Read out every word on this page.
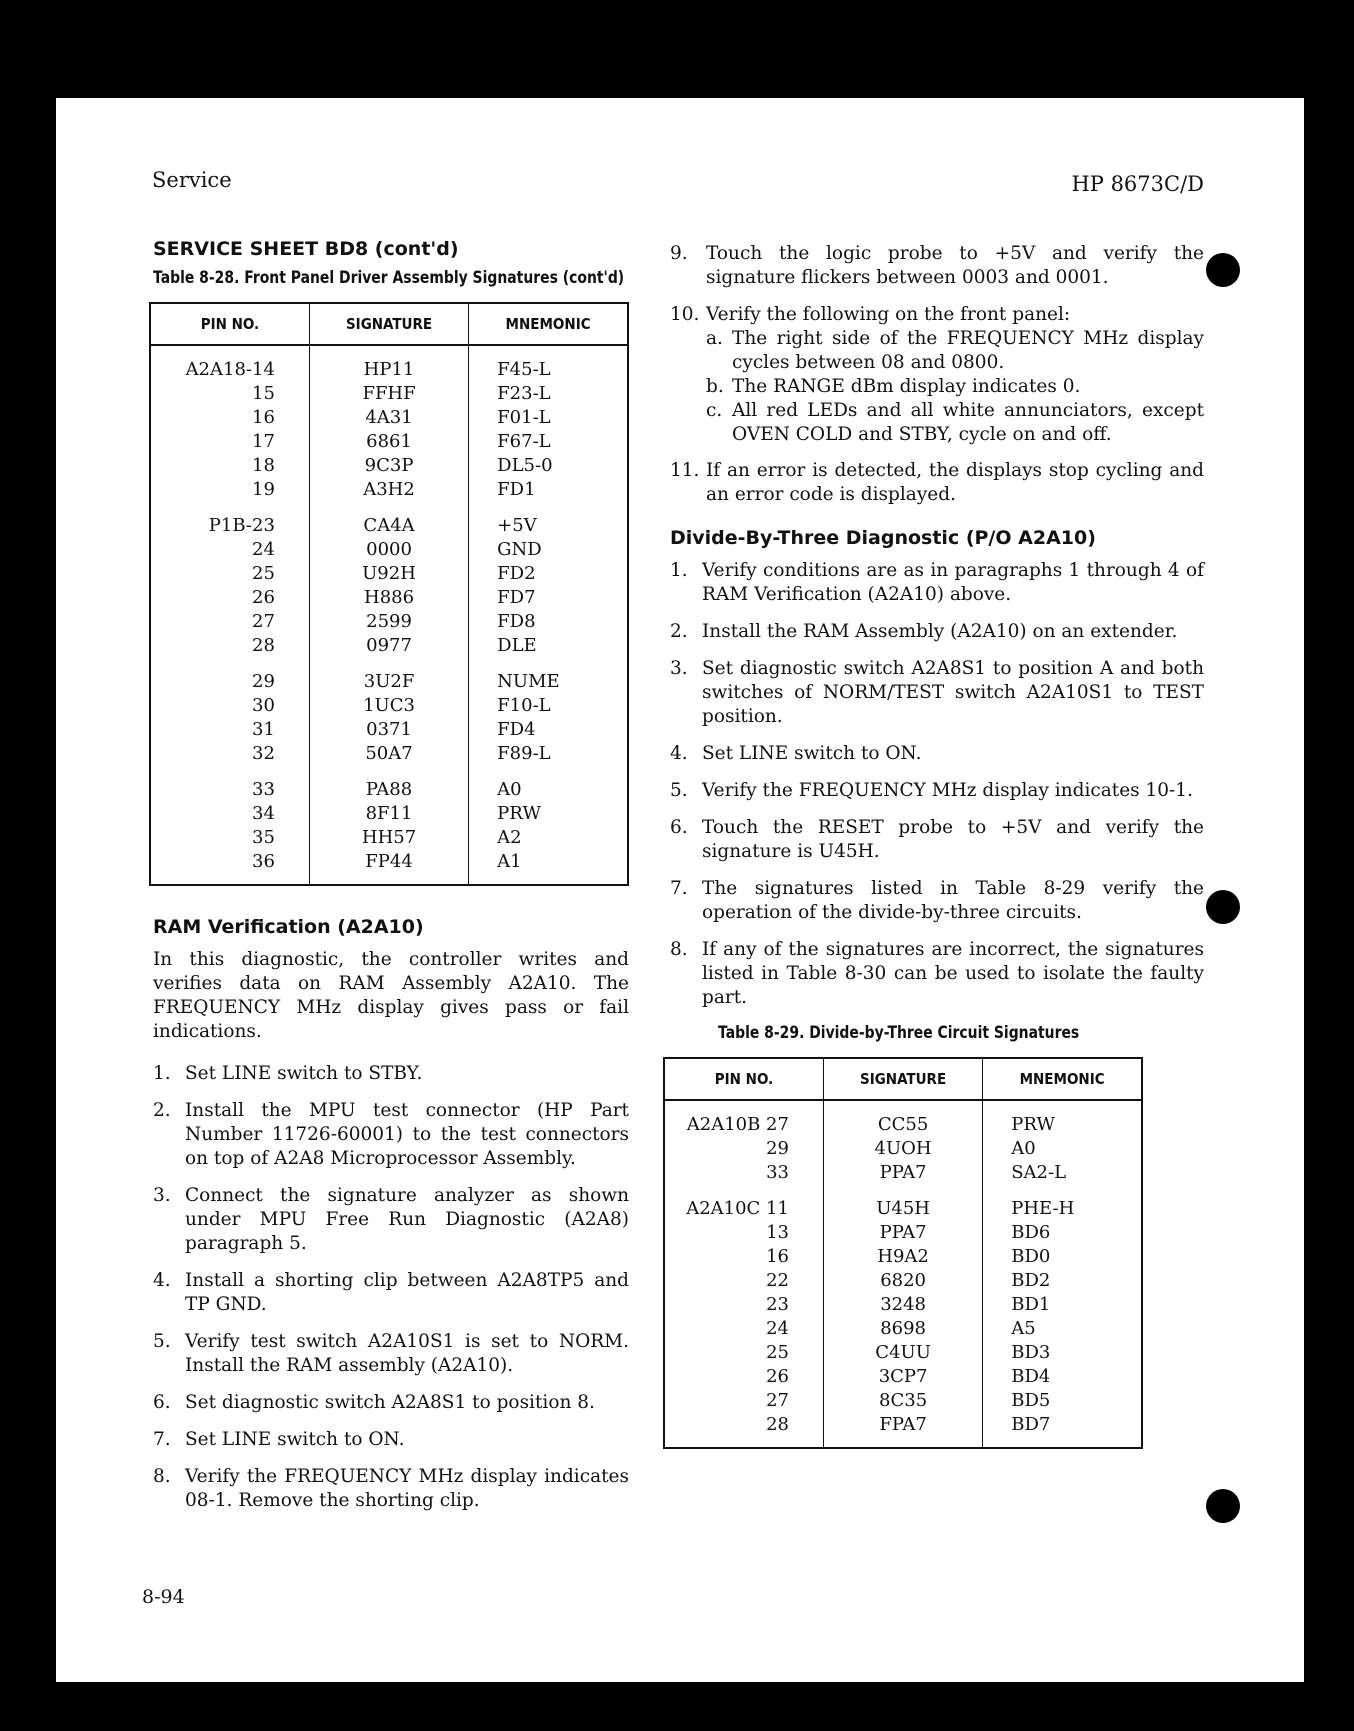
Service	HP 8673C/D
SERVICE SHEET BD8 (cont'd)
Table 8-28. Front Panel Driver Assembly Signatures (cont'd)
PIN NO.	SIGNATURE	MNEMONIC
A2A18-14	HP11	F45-L
15	FFHF	F23-L
16	4A31	F01-L
17	6861	F67-L
18	9C3P	DL5-0
19	A3H2	FD1

P1B-23	CA4A	+5V
24	0000	GND
25	U92H	FD2
26	H886	FD7
27	2599	FD8
28	0977	DLE

29	3U2F	NUME
30	1UC3	F10-L
31	0371	FD4
32	50A7	F89-L

33	PA88	A0
34	8F11	PRW
35	HH57	A2
36	FP44	A1
RAM Verification (A2A10)

In this diagnostic, the controller writes and verifies data on RAM Assembly A2A10. The FREQUENCY MHz display gives pass or fail indications.

1. Set LINE switch to STBY.
2. Install the MPU test connector (HP Part Number 11726-60001) to the test connectors on top of A2A8 Microprocessor Assembly.
3. Connect the signature analyzer as shown under MPU Free Run Diagnostic (A2A8) paragraph 5.
4. Install a shorting clip between A2A8TP5 and TP GND.
5. Verify test switch A2A10S1 is set to NORM. Install the RAM assembly (A2A10).
6. Set diagnostic switch A2A8S1 to position 8.
7. Set LINE switch to ON.
8. Verify the FREQUENCY MHz display indicates 08-1. Remove the shorting clip.
9. Touch the logic probe to +5V and verify the signature flickers between 0003 and 0001.
10. Verify the following on the front panel:
a. The right side of the FREQUENCY MHz display cycles between 08 and 0800.
b. The RANGE dBm display indicates 0.
c. All red LEDs and all white annunciators, except OVEN COLD and STBY, cycle on and off.
11. If an error is detected, the displays stop cycling and an error code is displayed.
Divide-By-Three Diagnostic (P/O A2A10)
1. Verify conditions are as in paragraphs 1 through 4 of RAM Verification (A2A10) above.
2. Install the RAM Assembly (A2A10) on an extender.
3. Set diagnostic switch A2A8S1 to position A and both switches of NORM/TEST switch A2A10S1 to TEST position.
4. Set LINE switch to ON.
5. Verify the FREQUENCY MHz display indicates 10-1.
6. Touch the RESET probe to +5V and verify the signature is U45H.
7. The signatures listed in Table 8-29 verify the operation of the divide-by-three circuits.
8. If any of the signatures are incorrect, the signatures listed in Table 8-30 can be used to isolate the faulty part.
Table 8-29. Divide-by-Three Circuit Signatures
PIN NO.	SIGNATURE	MNEMONIC
A2A10B 27	CC55	PRW
29	4UOH	A0
33	PPA7	SA2-L

A2A10C 11	U45H	PHE-H
13	PPA7	BD6
16	H9A2	BD0
22	6820	BD2
23	3248	BD1
24	8698	A5
25	C4UU	BD3
26	3CP7	BD4
27	8C35	BD5
28	FPA7	BD7
8-94
